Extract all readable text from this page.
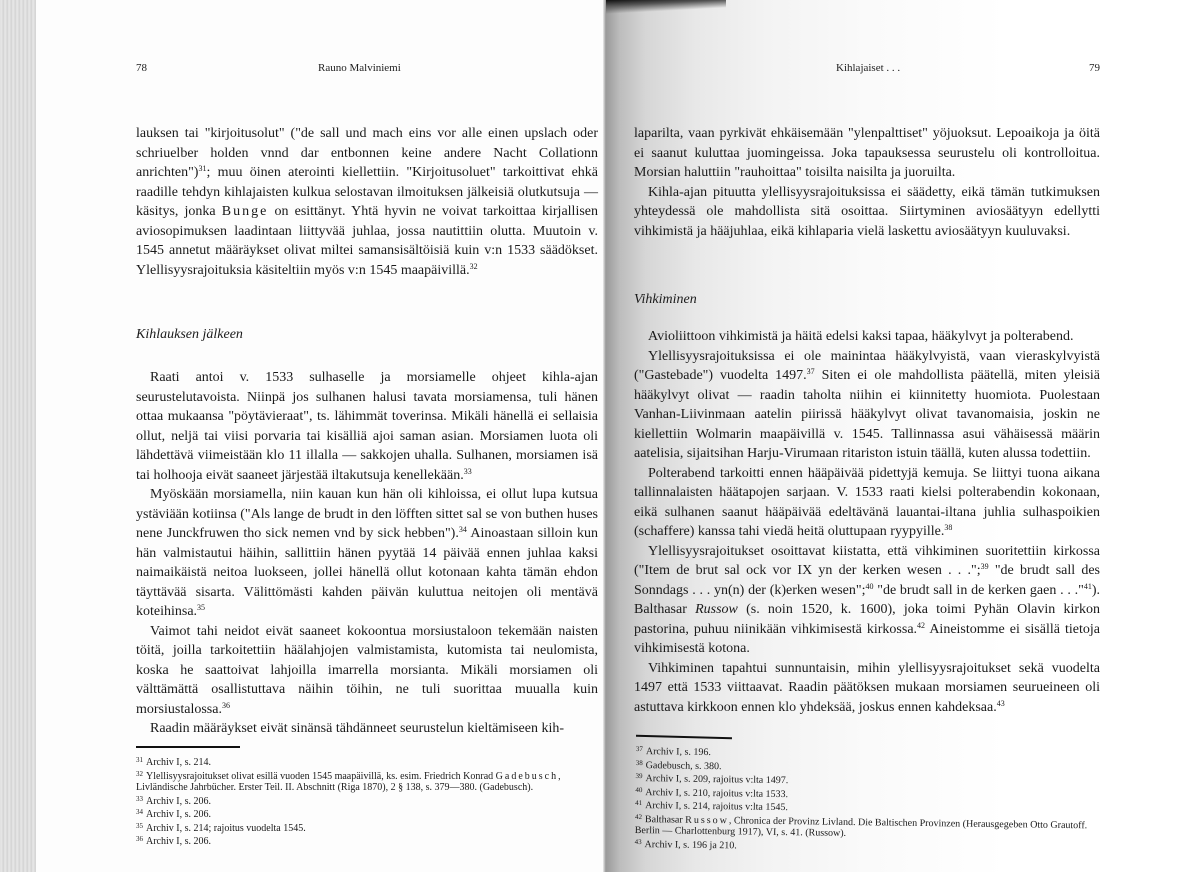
78	Rauno Malviniemi

lauksen tai "kirjoitusolut" ("de sall und mach eins vor alle einen upslach oder schriuelber holden vnnd dar entbonnen keine andere Nacht Collationn anrichten")$^{31}$; muu öinen aterointi kiellettiin. "Kirjoitusoluet" tarkoittivat ehkä raadille tehdyn kihlajaisten kulkua selostavan ilmoituksen jälkeisiä olutkutsuja — käsitys, jonka Bunge on esittänyt. Yhtä hyvin ne voivat tarkoittaa kirjallisen aviosopimuksen laadintaan liittyvää juhlaa, jossa nautittiin olutta. Muutoin v. 1545 annetut määräykset olivat miltei samansisältöisiä kuin v:n 1533 säädökset. Ylellisyysrajoituksia käsiteltiin myös v:n 1545 maapäivillä.$^{32}$

Kihlauksen jälkeen

Raati antoi v. 1533 sulhaselle ja morsiamelle ohjeet kihla-ajan seurustelutavoista. Niinpä jos sulhanen halusi tavata morsiamensa, tuli hänen ottaa mukaansa "pöytävieraat", ts. lähimmät toverinsa. Mikäli hänellä ei sellaisia ollut, neljä tai viisi porvaria tai kisälliä ajoi saman asian. Morsiamen luota oli lähdettävä viimeistään klo 11 illalla — sakkojen uhalla. Sulhanen, morsiamen isä tai holhooja eivät saaneet järjestää iltakutsuja kenellekään.$^{33}$

Myöskään morsiamella, niin kauan kun hän oli kihloissa, ei ollut lupa kutsua ystäviään kotiinsa ("Als lange de brudt in den löfften sittet sal se von buthen huses nene Junckfruwen tho sick nemen vnd by sick hebben").$^{34}$ Ainoastaan silloin kun hän valmistautui häihin, sallittiin hänen pyytää 14 päivää ennen juhlaa kaksi naimaikäistä neitoa luokseen, jollei hänellä ollut kotonaan kahta tämän ehdon täyttävää sisarta. Välittömästi kahden päivän kuluttua neitojen oli mentävä koteihinsa.$^{35}$

Vaimot tahi neidot eivät saaneet kokoontua morsiustaloon tekemään naisten töitä, joilla tarkoitettiin häälahjojen valmistamista, kutomista tai neulomista, koska he saattoivat lahjoilla imarrella morsianta. Mikäli morsiamen oli välttämättä osallistuttava näihin töihin, ne tuli suorittaa muualla kuin morsiustalossa.$^{36}$

Raadin määräykset eivät sinänsä tähdänneet seurustelun kieltämiseen kih-

$^{31}$ Archiv I, s. 214.
$^{32}$ Ylellisyysrajoitukset olivat esillä vuoden 1545 maapäivillä, ks. esim. Friedrich Konrad Gadebusch, Livländische Jahrbücher. Erster Teil. II. Abschnitt (Riga 1870), 2 § 138, s. 379—380. (Gadebusch).
$^{33}$ Archiv I, s. 206.
$^{34}$ Archiv I, s. 206.
$^{35}$ Archiv I, s. 214; rajoitus vuodelta 1545.
$^{36}$ Archiv I, s. 206.
Kihlajaiset . . .	79

laparilta, vaan pyrkivät ehkäisemään "ylenpalttiset" yöjuoksut. Lepoaikoja ja öitä ei saanut kuluttaa juomingeissa. Joka tapauksessa seurustelu oli kontrolloitua. Morsian haluttiin "rauhoittaa" toisilta naisilta ja juoruilta.

Kihla-ajan pituutta ylellisyysrajoituksissa ei säädetty, eikä tämän tutkimuksen yhteydessä ole mahdollista sitä osoittaa. Siirtyminen aviosäätyyn edellytti vihkimistä ja hääjuhlaa, eikä kihlaparia vielä laskettu aviosäätyyn kuuluvaksi.

Vihkiminen

Avioliittoon vihkimistä ja häitä edelsi kaksi tapaa, hääkylvyt ja polterabend.

Ylellisyysrajoituksissa ei ole mainintaa hääkylvyistä, vaan vieraskylvyistä ("Gastebade") vuodelta 1497.37 Siten ei ole mahdollista päätellä, miten yleisiä hääkylvyt olivat — raadin taholta niihin ei kiinnitetty huomiota. Puolestaan Vanhan-Liivinmaan aatelin piirissä hääkylvyt olivat tavanomaisia, joskin ne kiellettiin Wolmarin maapäivillä v. 1545. Tallinnassa asui vähäisessä määrin aatelisia, sijaitsihan Harju-Virumaan ritariston istuin täällä, kuten alussa todettiin.

Polterabend tarkoitti ennen hääpäivää pidettyjä kemuja. Se liittyi tuona aikana tallinnalaisten häätapojen sarjaan. V. 1533 raati kielsi polterabendin kokonaan, eikä sulhanen saanut hääpäivää edeltävänä lauantai-iltana juhlia sulhaspoikien (schaffere) kanssa tahi viedä heitä oluttupaan ryypyille.$^{38}$

Ylellisyysrajoitukset osoittavat kiistatta, että vihkiminen suoritettiin kirkossa ("Item de brut sal ock vor IX yn der kerken wesen . . .";$^{39}$ "de brudt sall des Sonndags . . . yn(n) der (k)erken wesen";$^{40}$ "de brudt sall in de kerken gaen . . ."$^{41}$). Balthasar Russow (s. noin 1520, k. 1600), joka toimi Pyhän Olavin kirkon pastorina, puhuu niinikään vihkimisestä kirkossa.$^{42}$ Aineistomme ei sisällä tietoja vihkimisestä kotona.

Vihkiminen tapahtui sunnuntaisin, mihin ylellisyysrajoitukset sekä vuodelta 1497 että 1533 viittaavat. Raadin päätöksen mukaan morsiamen seurueineen oli astuttava kirkkoon ennen klo yhdeksää, joskus ennen kahdeksaa.$^{43}$

$^{37}$ Archiv I, s. 196.
$^{38}$ Gadebusch, s. 380.
$^{39}$ Archiv I, s. 209, rajoitus v:lta 1497.
$^{40}$ Archiv I, s. 210, rajoitus v:lta 1533.
$^{41}$ Archiv I, s. 214, rajoitus v:lta 1545.
$^{42}$ Balthasar Russow, Chronica der Provinz Livland. Die Baltischen Provinzen (Herausgegeben Otto Grautoff. Berlin — Charlottenburg 1917), VI, s. 41. (Russow).
$^{43}$ Archiv I, s. 196 ja 210.
